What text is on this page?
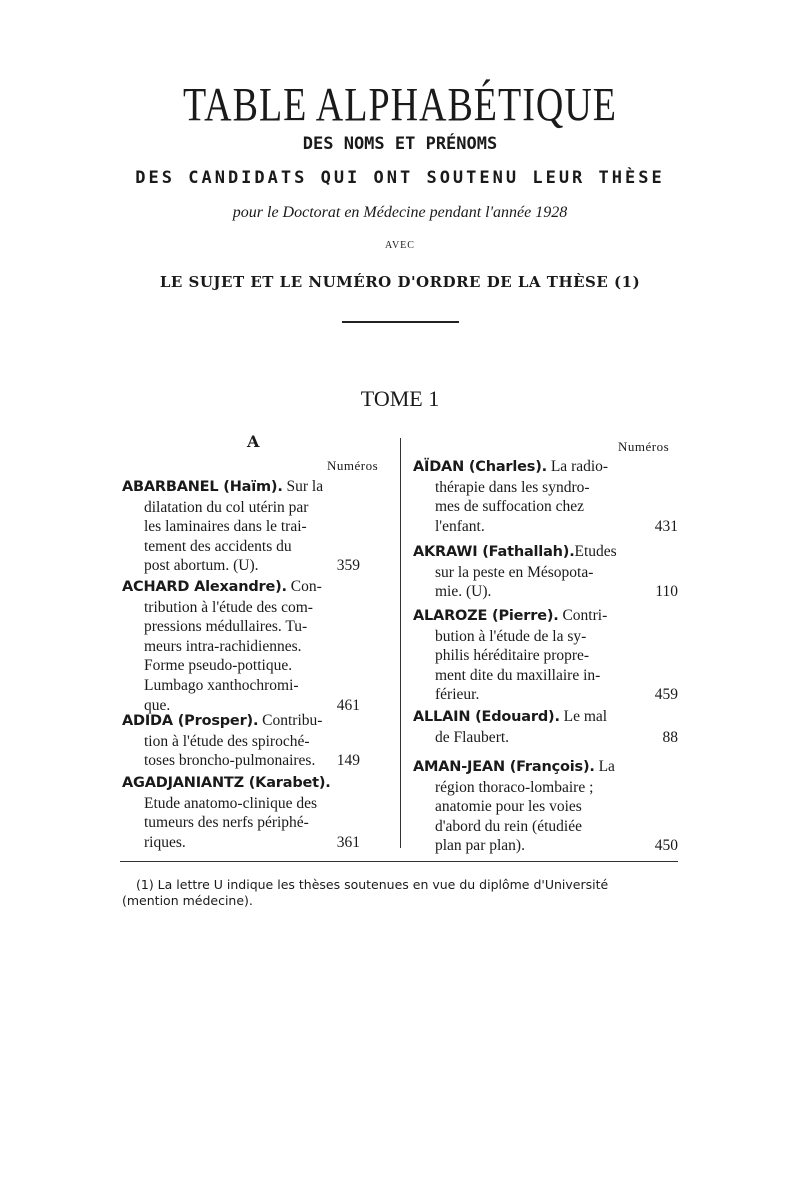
TABLE ALPHABÉTIQUE
DES NOMS ET PRÉNOMS
DES CANDIDATS QUI ONT SOUTENU LEUR THÈSE
pour le Doctorat en Médecine pendant l'année 1928
AVEC
LE SUJET ET LE NUMÉRO D'ORDRE DE LA THÈSE (1)
TOME 1
A
Numéros
Numéros
ABARBANEL (Haïm). Sur la
dilatation du col utérin par
les laminaires dans le trai-
tement des accidents du
post abortum. (U).	359
ACHARD Alexandre). Con-
tribution à l'étude des com-
pressions médullaires. Tu-
meurs intra-rachidiennes.
Forme pseudo-pottique.
Lumbago xanthochromi-
que.	461
ADIDA (Prosper). Contribu-
tion à l'étude des spiroché-
toses broncho-pulmonaires. 149
AGADJANIANTZ (Karabet).
Etude anatomo-clinique des
tumeurs des nerfs périphé-
riques.	361
AÏDAN (Charles). La radio-
thérapie dans les syndro-
mes de suffocation chez
l'enfant.	431
AKRAWI (Fathallah).Etudes
sur la peste en Mésopota-
mie. (U).	110
ALAROZE (Pierre). Contri-
bution à l'étude de la sy-
philis héréditaire propre-
ment dite du maxillaire in-
férieur.	459
ALLAIN (Edouard). Le mal
de Flaubert.	88
AMAN-JEAN (François). La
région thoraco-lombaire ;
anatomie pour les voies
d'abord du rein (étudiée
plan par plan).	450
(1) La lettre U indique les thèses soutenues en vue du diplôme d'Université
(mention médecine).
